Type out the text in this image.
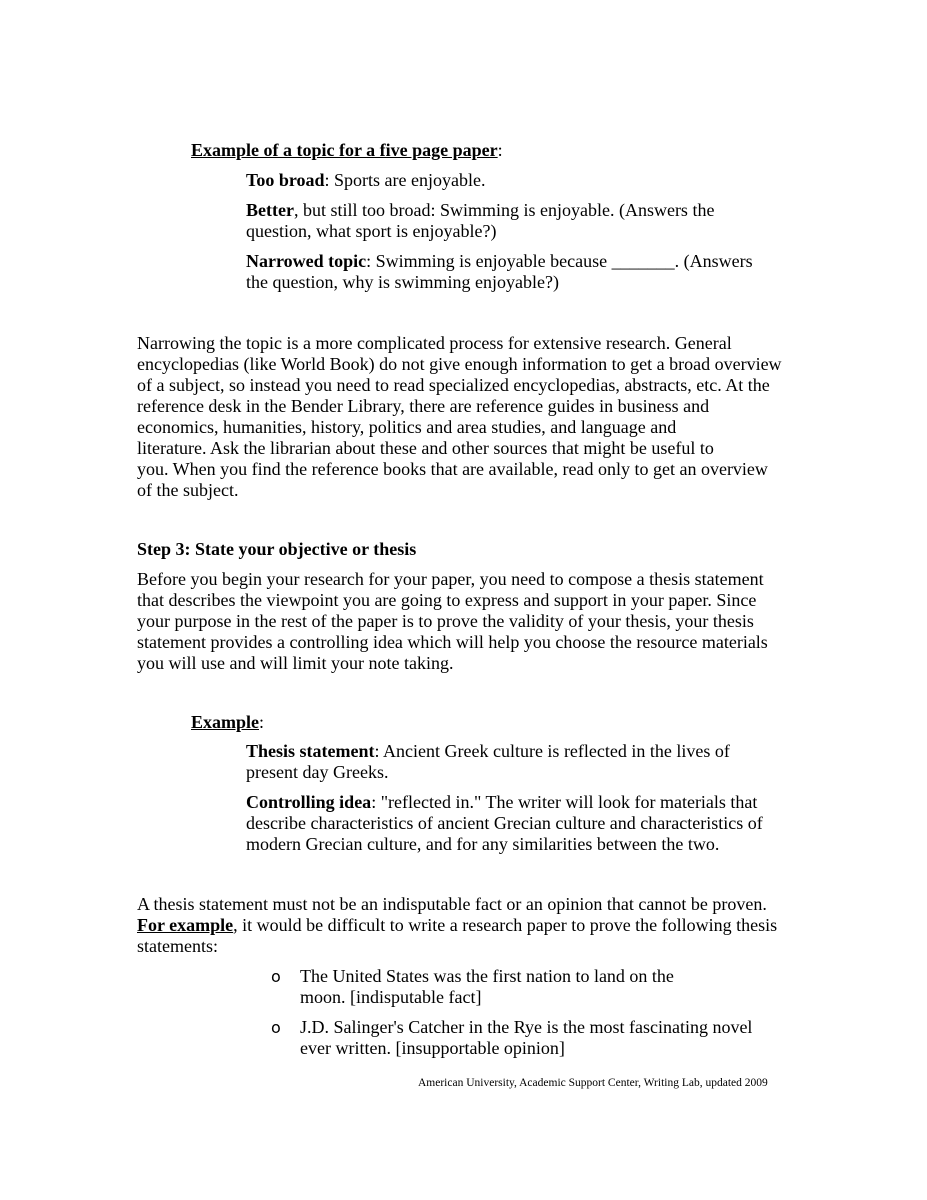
Example of a topic for a five page paper:

Too broad: Sports are enjoyable.

Better, but still too broad: Swimming is enjoyable. (Answers the
question, what sport is enjoyable?)

Narrowed topic: Swimming is enjoyable because _______. (Answers
the question, why is swimming enjoyable?)

Narrowing the topic is a more complicated process for extensive research. General
encyclopedias (like World Book) do not give enough information to get a broad overview
of a subject, so instead you need to read specialized encyclopedias, abstracts, etc. At the
reference desk in the Bender Library, there are reference guides in business and
economics, humanities, history, politics and area studies, and language and
literature. Ask the librarian about these and other sources that might be useful to
you. When you find the reference books that are available, read only to get an overview
of the subject.

Step 3: State your objective or thesis

Before you begin your research for your paper, you need to compose a thesis statement
that describes the viewpoint you are going to express and support in your paper. Since
your purpose in the rest of the paper is to prove the validity of your thesis, your thesis
statement provides a controlling idea which will help you choose the resource materials
you will use and will limit your note taking.

Example:

Thesis statement: Ancient Greek culture is reflected in the lives of
present day Greeks.

Controlling idea: "reflected in." The writer will look for materials that
describe characteristics of ancient Grecian culture and characteristics of
modern Grecian culture, and for any similarities between the two.

A thesis statement must not be an indisputable fact or an opinion that cannot be proven.
For example, it would be difficult to write a research paper to prove the following thesis
statements:

o The United States was the first nation to land on the
moon. [indisputable fact]

o J.D. Salinger's Catcher in the Rye is the most fascinating novel
ever written. [insupportable opinion]

American University, Academic Support Center, Writing Lab, updated 2009
